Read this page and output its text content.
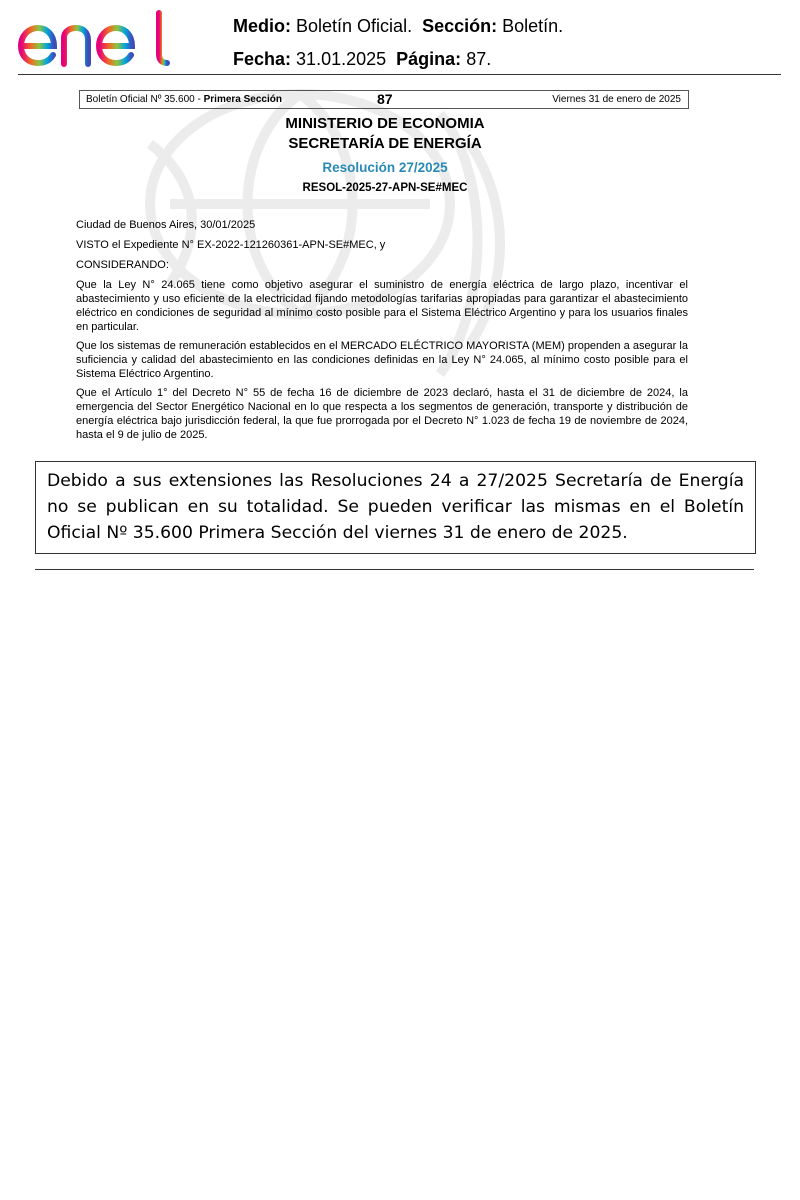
Medio: Boletín Oficial. Sección: Boletín.
Fecha: 31.01.2025 Página: 87.
Boletín Oficial Nº 35.600 - Primera Sección	87	Viernes 31 de enero de 2025
MINISTERIO DE ECONOMIA
SECRETARÍA DE ENERGÍA
Resolución 27/2025
RESOL-2025-27-APN-SE#MEC

Ciudad de Buenos Aires, 30/01/2025

VISTO el Expediente N° EX-2022-121260361-APN-SE#MEC, y

CONSIDERANDO:

Que la Ley N° 24.065 tiene como objetivo asegurar el suministro de energía eléctrica de largo plazo, incentivar el abastecimiento y uso eficiente de la electricidad fijando metodologías tarifarias apropiadas para garantizar el abastecimiento eléctrico en condiciones de seguridad al mínimo costo posible para el Sistema Eléctrico Argentino y para los usuarios finales en particular.

Que los sistemas de remuneración establecidos en el MERCADO ELÉCTRICO MAYORISTA (MEM) propenden a asegurar la suficiencia y calidad del abastecimiento en las condiciones definidas en la Ley N° 24.065, al mínimo costo posible para el Sistema Eléctrico Argentino.

Que el Artículo 1° del Decreto N° 55 de fecha 16 de diciembre de 2023 declaró, hasta el 31 de diciembre de 2024, la emergencia del Sector Energético Nacional en lo que respecta a los segmentos de generación, transporte y distribución de energía eléctrica bajo jurisdicción federal, la que fue prorrogada por el Decreto N° 1.023 de fecha 19 de noviembre de 2024, hasta el 9 de julio de 2025.

Debido a sus extensiones las Resoluciones 24 a 27/2025 Secretaría de Energía no se publican en su totalidad. Se pueden verificar las mismas en el Boletín Oficial Nº 35.600 Primera Sección del viernes 31 de enero de 2025.
